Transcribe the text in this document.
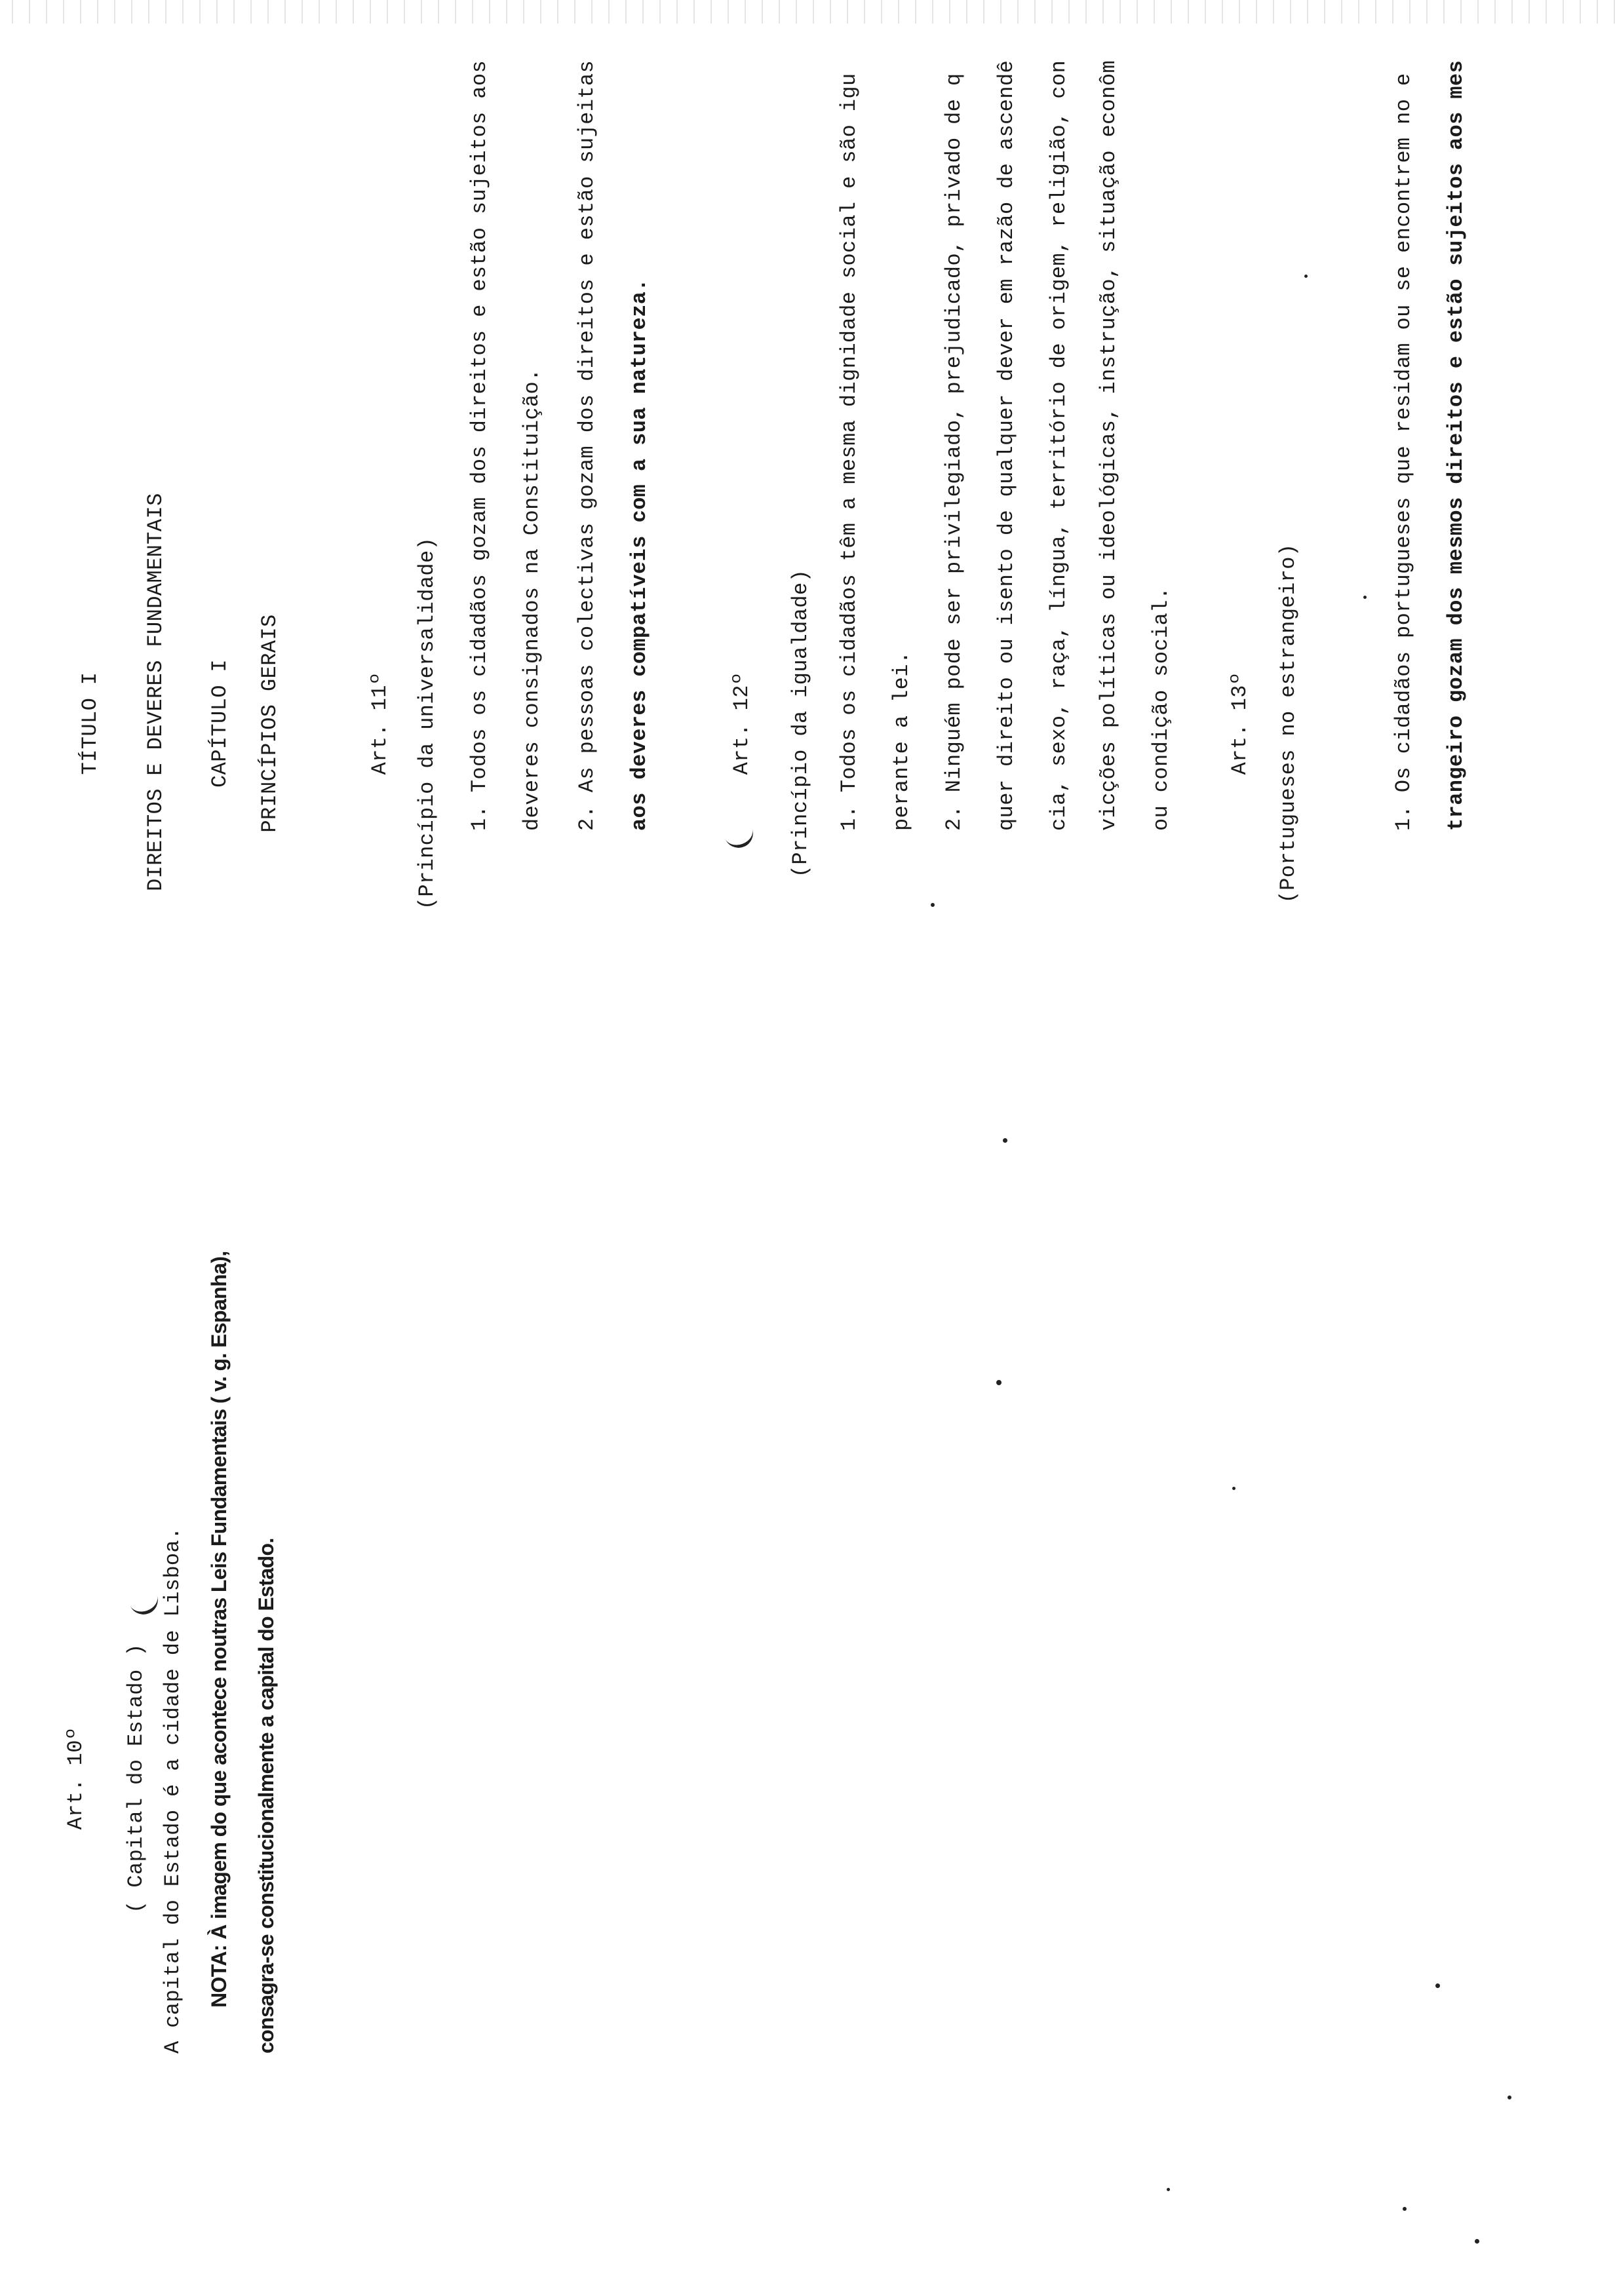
Art. 10º ( Capital do Estado ) A capital do Estado é a cidade de Lisboa. NOTA: À imagem do que acontece noutras Leis Fundamentais ( v. g. Espanha), consagra-se constitucionalmente a capital do Estado.
TÍTULO I DIREITOS E DEVERES FUNDAMENTAIS CAPÍTULO I PRINCÍPIOS GERAIS	Art. 11º (Princípio da universalidade) 1. Todos os cidadãos gozam dos direitos e estão sujeitos aos deveres consignados na Constituição. 2. As pessoas colectivas gozam dos direitos e estão sujeitas aos deveres compatíveis com a sua natureza.	Art. 12º (Princípio da igualdade) 1. Todos os cidadãos têm a mesma dignidade social e são igu perante a lei. 2. Ninguém pode ser privilegiado, prejudicado, privado de q quer direito ou isento de qualquer dever em razão de ascendê cia, sexo, raça, língua, território de origem, religião, con vicções políticas ou ideológicas, instrução, situação econôm ou condição social.	Art. 13º (Portugueses no estrangeiro)	1. Os cidadãos portugueses que residam ou se encontrem no e trangeiro gozam dos mesmos direitos e estão sujeitos aos mes
